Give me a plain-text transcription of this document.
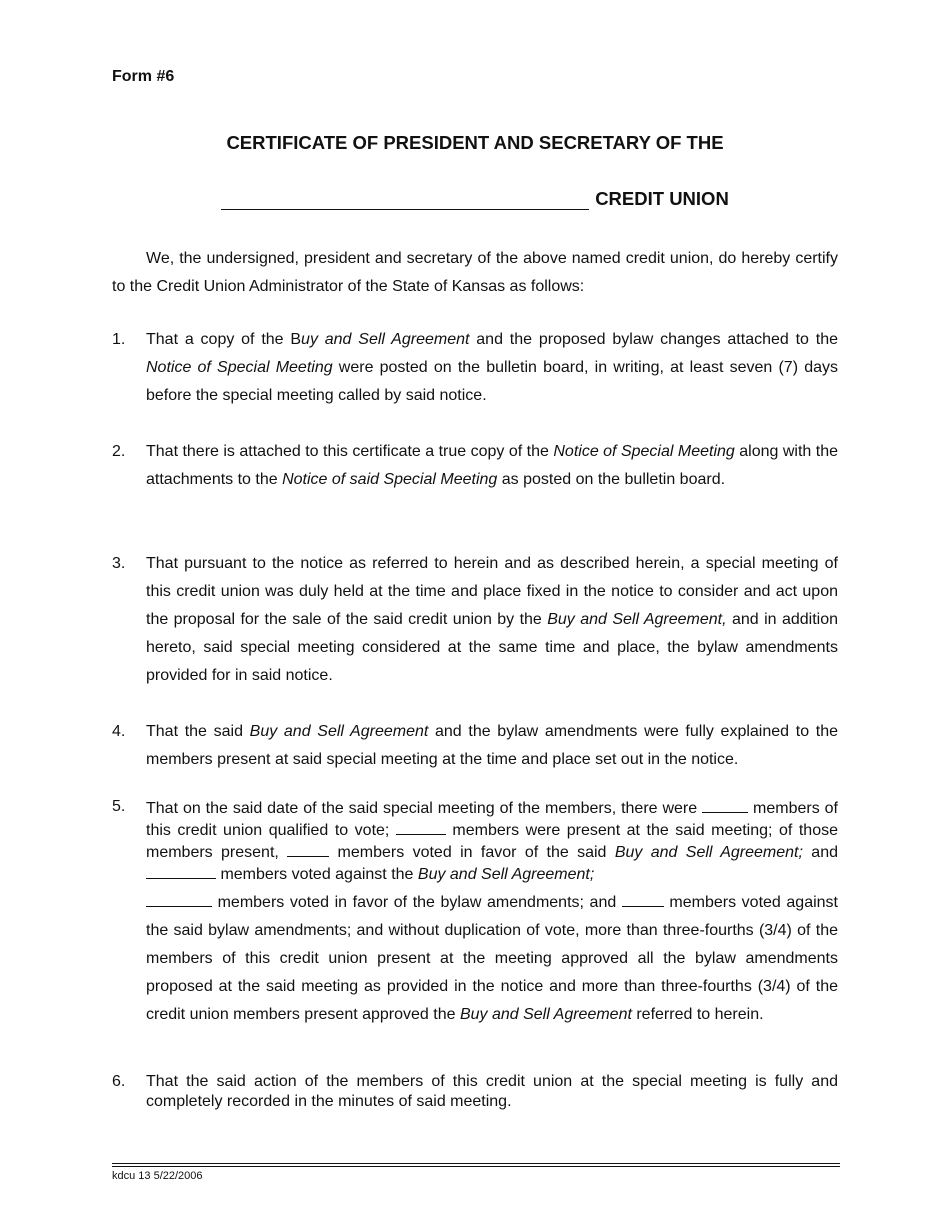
Form #6
CERTIFICATE OF PRESIDENT AND SECRETARY OF THE
CREDIT UNION
We, the undersigned, president and secretary of the above named credit union, do hereby certify to the Credit Union Administrator of the State of Kansas as follows:
1. That a copy of the Buy and Sell Agreement and the proposed bylaw changes attached to the Notice of Special Meeting were posted on the bulletin board, in writing, at least seven (7) days before the special meeting called by said notice.
2. That there is attached to this certificate a true copy of the Notice of Special Meeting along with the attachments to the Notice of said Special Meeting as posted on the bulletin board.
3. That pursuant to the notice as referred to herein and as described herein, a special meeting of this credit union was duly held at the time and place fixed in the notice to consider and act upon the proposal for the sale of the said credit union by the Buy and Sell Agreement, and in addition hereto, said special meeting considered at the same time and place, the bylaw amendments provided for in said notice.
4. That the said Buy and Sell Agreement and the bylaw amendments were fully explained to the members present at said special meeting at the time and place set out in the notice.
5. That on the said date of the said special meeting of the members, there were	members of this credit union qualified to vote;	members were present at the said meeting; of those members present,	members voted in favor of the said Buy and Sell Agreement; and  members voted against the Buy and Sell Agreement;
members voted in favor of the bylaw amendments; and	members voted against the said bylaw amendments; and without duplication of vote, more than three-fourths (3/4) of the members of this credit union present at the meeting approved all the bylaw amendments proposed at the said meeting as provided in the notice and more than three-fourths (3/4) of the credit union members present approved the Buy and Sell Agreement referred to herein.
6. That the said action of the members of this credit union at the special meeting is fully and completely recorded in the minutes of said meeting.
kdcu 13 5/22/2006
